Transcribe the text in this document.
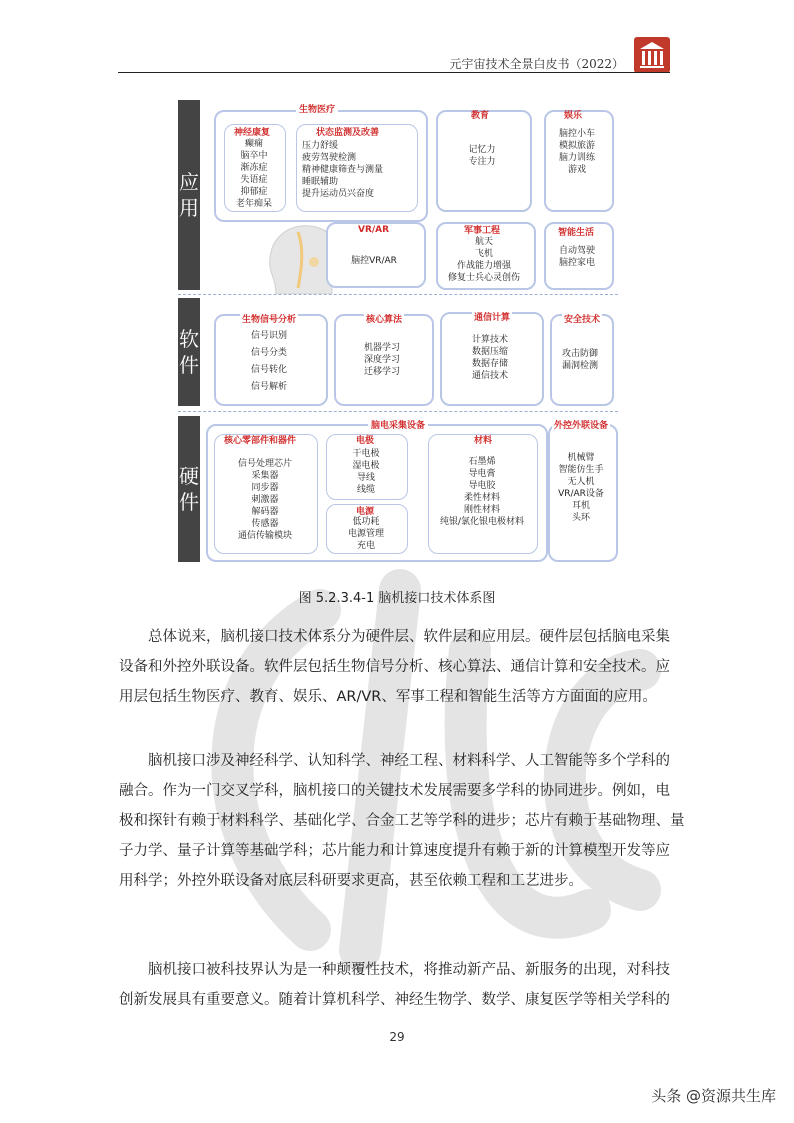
元宇宙技术全景白皮书（2022）
应用
软件
硬件
生物医疗
神经康复
癫痫
脑卒中
渐冻症
失语症
抑郁症
老年痴呆
状态监测及改善
压力舒缓
疲劳驾驶检测
精神健康筛查与测量
睡眠辅助
提升运动员兴奋度
教育
记忆力
专注力
娱乐
脑控小车
模拟旅游
脑力训练
游戏
VR/AR
脑控VR/AR
军事工程
航天
飞机
作战能力增强
修复士兵心灵创伤
智能生活
自动驾驶
脑控家电
生物信号分析
信号识别
信号分类
信号转化
信号解析
核心算法
机器学习
深度学习
迁移学习
通信计算
计算技术
数据压缩
数据存储
通信技术
安全技术
攻击防御
漏洞检测
脑电采集设备
核心零部件和器件
信号处理芯片
采集器
同步器
刺激器
解码器
传感器
通信传输模块
电极
干电极
湿电极
导线
线缆
电源
低功耗
电源管理
充电
材料
石墨烯
导电膏
导电胶
柔性材料
刚性材料
纯银/氯化银电极材料
外控外联设备
机械臂
智能仿生手
无人机
VR/AR设备
耳机
头环
图 5.2.3.4-1 脑机接口技术体系图
总体说来，脑机接口技术体系分为硬件层、软件层和应用层。硬件层包括脑电采集
设备和外控外联设备。软件层包括生物信号分析、核心算法、通信计算和安全技术。应
用层包括生物医疗、教育、娱乐、AR/VR、军事工程和智能生活等方方面面的应用。
脑机接口涉及神经科学、认知科学、神经工程、材料科学、人工智能等多个学科的
融合。作为一门交叉学科，脑机接口的关键技术发展需要多学科的协同进步。例如，电
极和探针有赖于材料科学、基础化学、合金工艺等学科的进步；芯片有赖于基础物理、量
子力学、量子计算等基础学科；芯片能力和计算速度提升有赖于新的计算模型开发等应
用科学；外控外联设备对底层科研要求更高，甚至依赖工程和工艺进步。
脑机接口被科技界认为是一种颠覆性技术，将推动新产品、新服务的出现，对科技
创新发展具有重要意义。随着计算机科学、神经生物学、数学、康复医学等相关学科的
29
头条 @资源共生库
